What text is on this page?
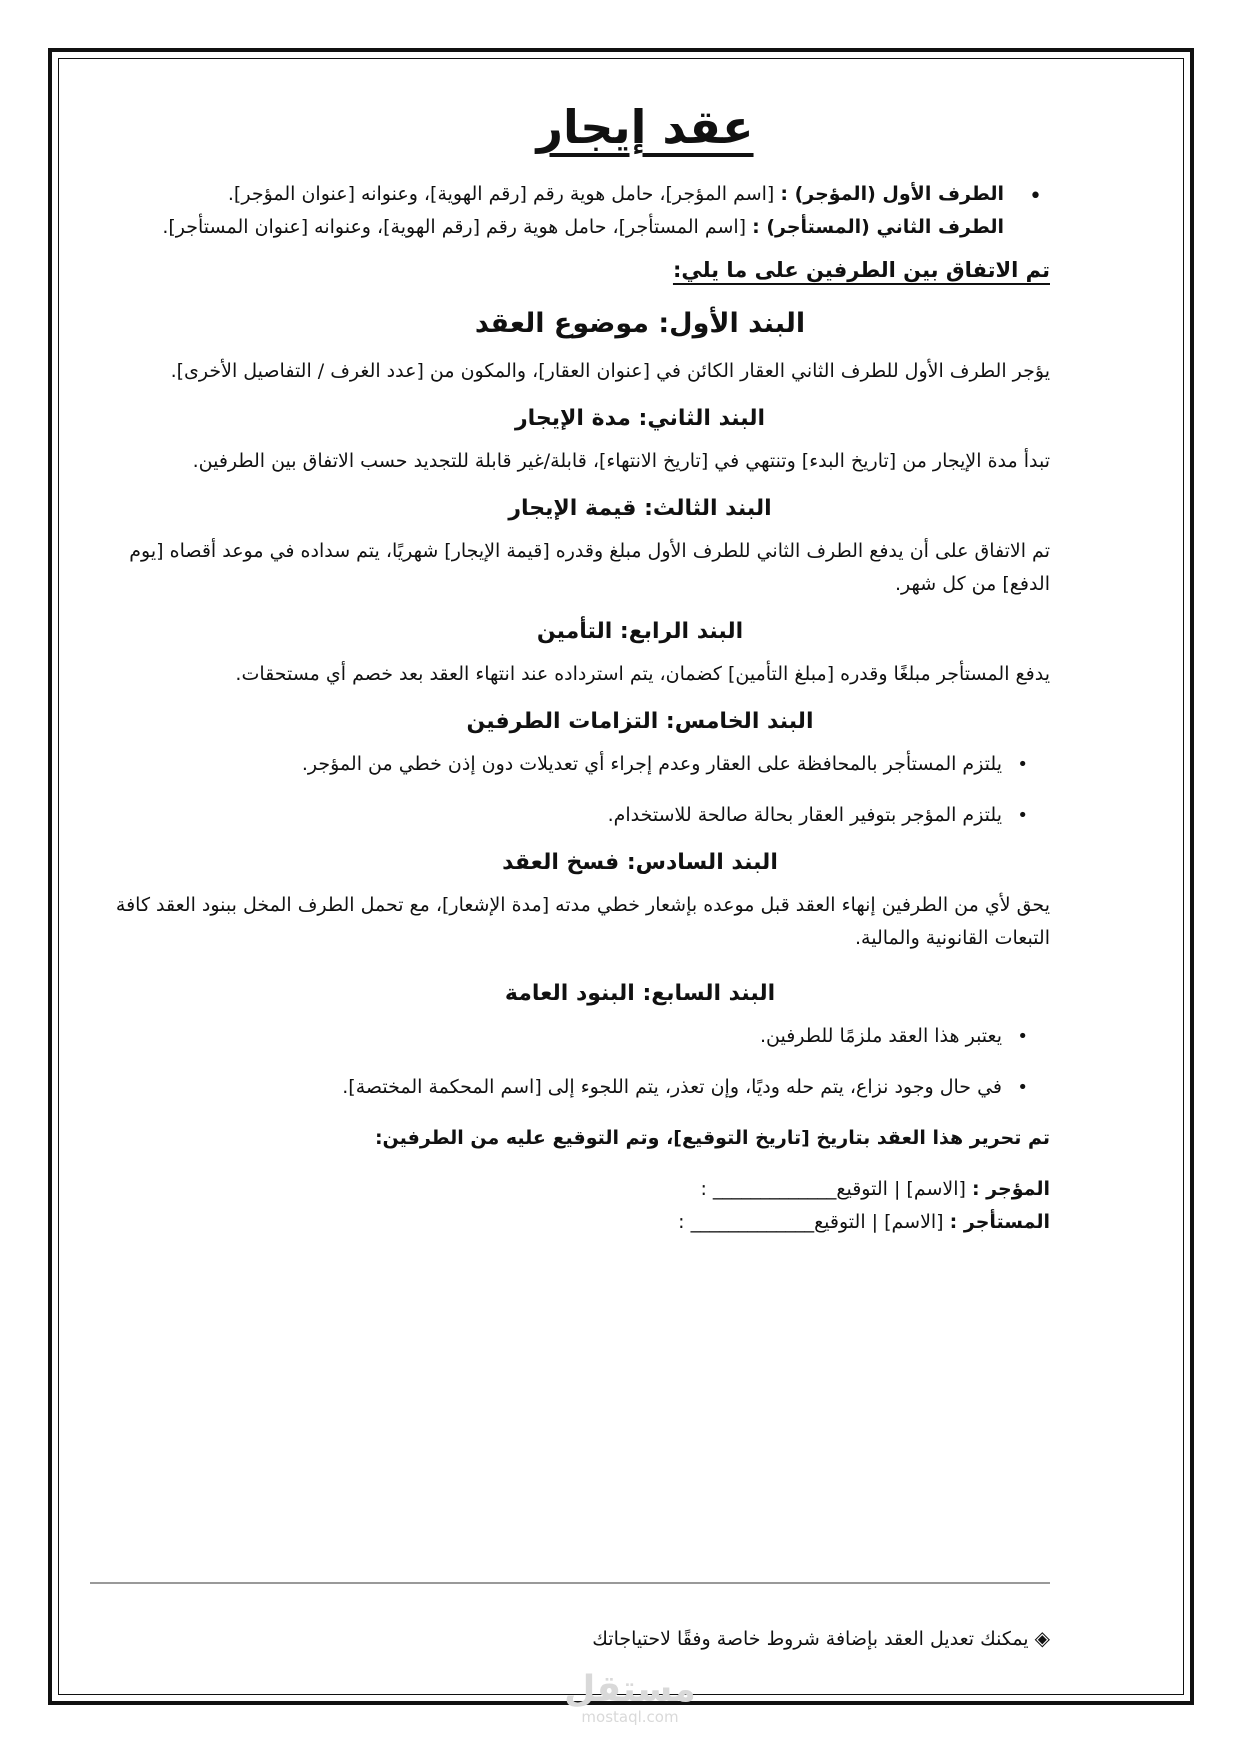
عقد إيجار
•
الطرف الأول (المؤجر) : [اسم المؤجر]، حامل هوية رقم [رقم الهوية]، وعنوانه [عنوان المؤجر].
الطرف الثاني (المستأجر) : [اسم المستأجر]، حامل هوية رقم [رقم الهوية]، وعنوانه [عنوان المستأجر].
تم الاتفاق بين الطرفين على ما يلي:
البند الأول: موضوع العقد

يؤجر الطرف الأول للطرف الثاني العقار الكائن في [عنوان العقار]، والمكون من [عدد الغرف / التفاصيل الأخرى].

البند الثاني: مدة الإيجار

تبدأ مدة الإيجار من [تاريخ البدء] وتنتهي في [تاريخ الانتهاء]، قابلة/غير قابلة للتجديد حسب الاتفاق بين الطرفين.

البند الثالث: قيمة الإيجار

تم الاتفاق على أن يدفع الطرف الثاني للطرف الأول مبلغ وقدره [قيمة الإيجار] شهريًا، يتم سداده في موعد أقصاه [يوم الدفع] من كل شهر.

البند الرابع: التأمين

يدفع المستأجر مبلغًا وقدره [مبلغ التأمين] كضمان، يتم استرداده عند انتهاء العقد بعد خصم أي مستحقات.

البند الخامس: التزامات الطرفين
• يلتزم المستأجر بالمحافظة على العقار وعدم إجراء أي تعديلات دون إذن خطي من المؤجر.
• يلتزم المؤجر بتوفير العقار بحالة صالحة للاستخدام.
البند السادس: فسخ العقد

يحق لأي من الطرفين إنهاء العقد قبل موعده بإشعار خطي مدته [مدة الإشعار]، مع تحمل الطرف المخل ببنود العقد كافة التبعات القانونية والمالية.

البند السابع: البنود العامة
• يعتبر هذا العقد ملزمًا للطرفين.
• في حال وجود نزاع، يتم حله وديًا، وإن تعذر، يتم اللجوء إلى [اسم المحكمة المختصة].
تم تحرير هذا العقد بتاريخ [تاريخ التوقيع]، وتم التوقيع عليه من الطرفين:
المؤجر : [الاسم] | التوقيع_____________ :
المستأجر : [الاسم] | التوقيع_____________ :
◈يمكنك تعديل العقد بإضافة شروط خاصة وفقًا لاحتياجاتك
مستقل
mostaql.com
